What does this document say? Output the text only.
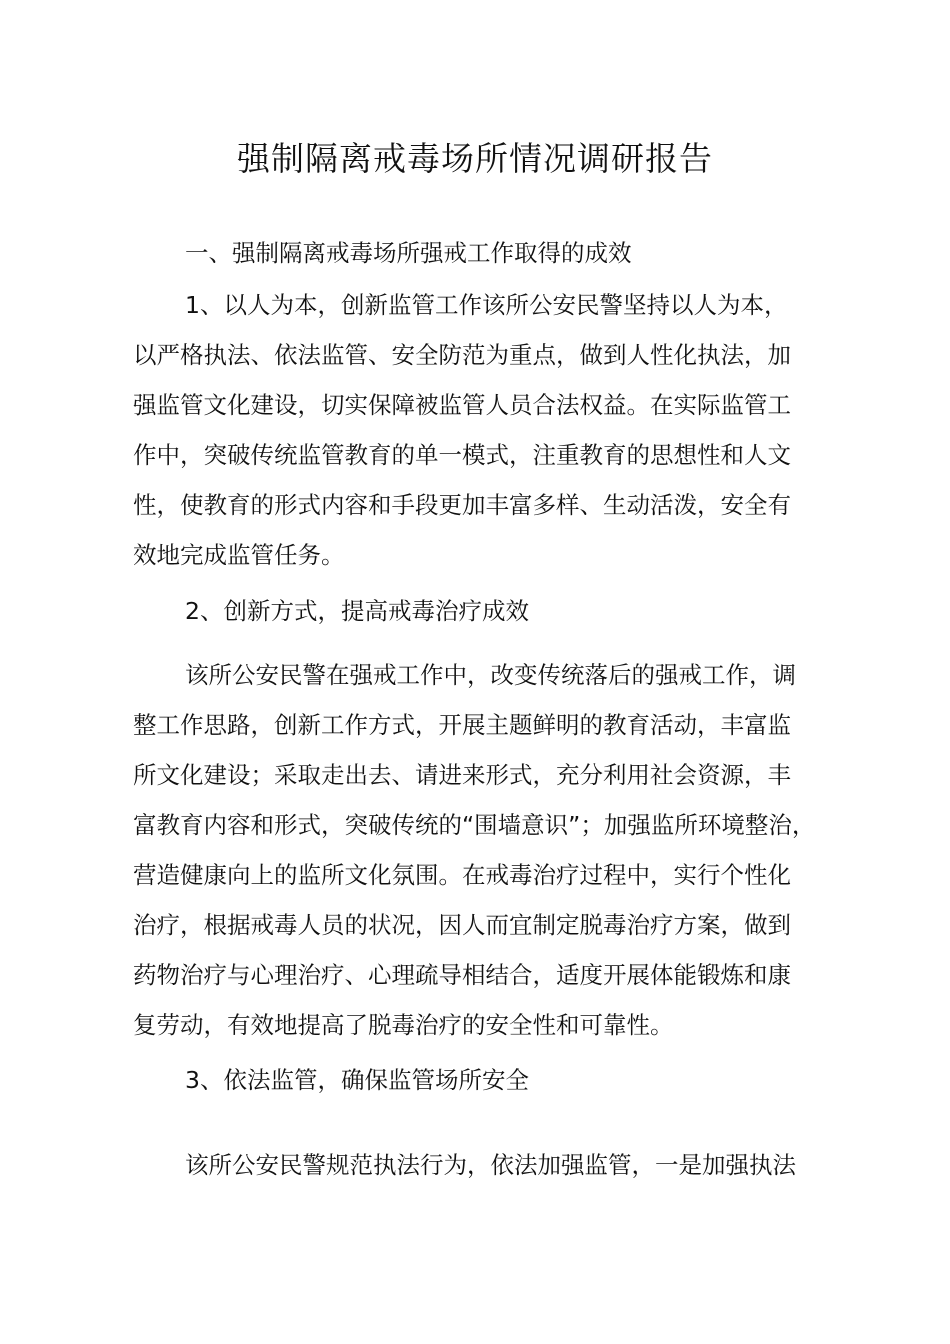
强制隔离戒毒场所情况调研报告
一、强制隔离戒毒场所强戒工作取得的成效
1、以人为本，创新监管工作该所公安民警坚持以人为本，
以严格执法、依法监管、安全防范为重点，做到人性化执法，加
强监管文化建设，切实保障被监管人员合法权益。在实际监管工
作中，突破传统监管教育的单一模式，注重教育的思想性和人文
性，使教育的形式内容和手段更加丰富多样、生动活泼，安全有
效地完成监管任务。
2、创新方式，提高戒毒治疗成效
该所公安民警在强戒工作中，改变传统落后的强戒工作，调
整工作思路，创新工作方式，开展主题鲜明的教育活动，丰富监
所文化建设；采取走出去、请进来形式，充分利用社会资源，丰
富教育内容和形式，突破传统的“围墙意识”；加强监所环境整治，
营造健康向上的监所文化氛围。在戒毒治疗过程中，实行个性化
治疗，根据戒毒人员的状况，因人而宜制定脱毒治疗方案，做到
药物治疗与心理治疗、心理疏导相结合，适度开展体能锻炼和康
复劳动，有效地提高了脱毒治疗的安全性和可靠性。
3、依法监管，确保监管场所安全
该所公安民警规范执法行为，依法加强监管，一是加强执法
